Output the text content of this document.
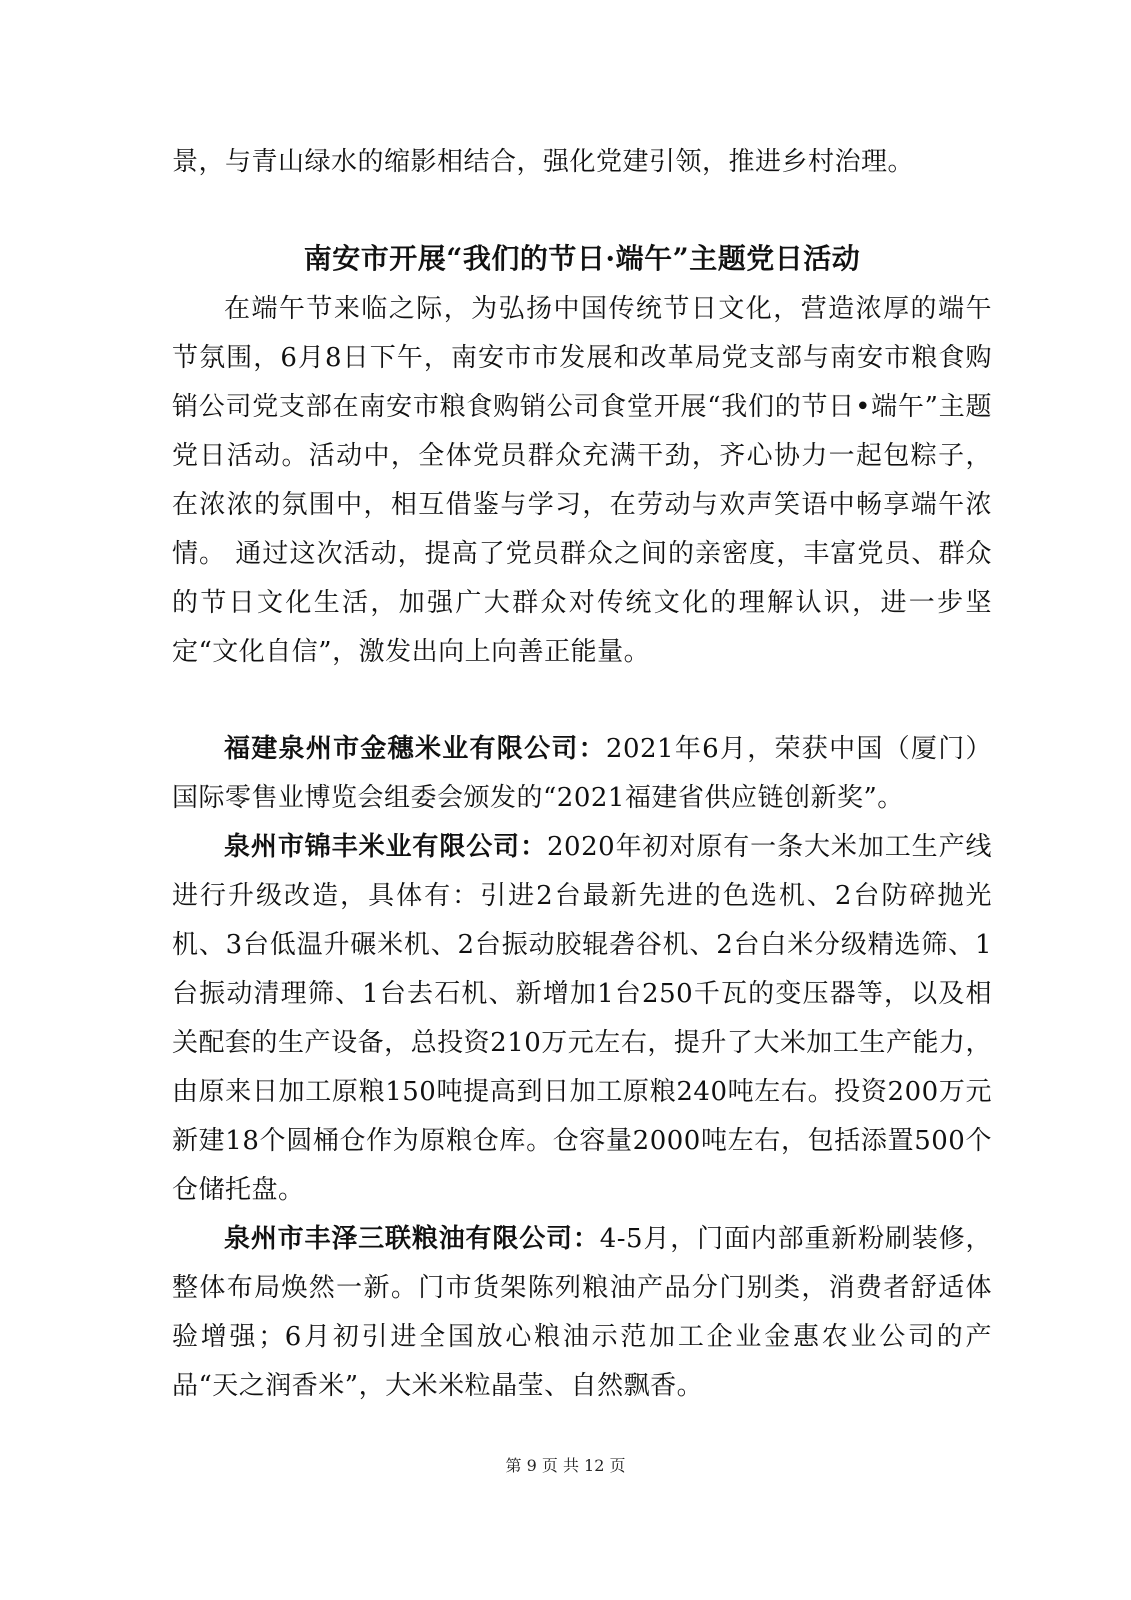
景，与青山绿水的缩影相结合，强化党建引领，推进乡村治理。

南安市开展“我们的节日·端午”主题党日活动

在端午节来临之际，为弘扬中国传统节日文化，营造浓厚的端午节氛围，6月8日下午，南安市市发展和改革局党支部与南安市粮食购销公司党支部在南安市粮食购销公司食堂开展“我们的节日•端午”主题党日活动。活动中，全体党员群众充满干劲，齐心协力一起包粽子，在浓浓的氛围中，相互借鉴与学习，在劳动与欢声笑语中畅享端午浓情。 通过这次活动，提高了党员群众之间的亲密度，丰富党员、群众的节日文化生活，加强广大群众对传统文化的理解认识，进一步坚定“文化自信”，激发出向上向善正能量。

福建泉州市金穗米业有限公司：2021年6月，荣获中国（厦门）国际零售业博览会组委会颁发的“2021福建省供应链创新奖”。

泉州市锦丰米业有限公司：2020年初对原有一条大米加工生产线进行升级改造，具体有：引进2台最新先进的色选机、2台防碎抛光机、3台低温升碾米机、2台振动胶辊砻谷机、2台白米分级精选筛、1台振动清理筛、1台去石机、新增加1台250千瓦的变压器等，以及相关配套的生产设备，总投资210万元左右，提升了大米加工生产能力，由原来日加工原粮150吨提高到日加工原粮240吨左右。投资200万元新建18个圆桶仓作为原粮仓库。仓容量2000吨左右，包括添置500个仓储托盘。

泉州市丰泽三联粮油有限公司：4-5月，门面内部重新粉刷装修，整体布局焕然一新。门市货架陈列粮油产品分门别类，消费者舒适体验增强；6月初引进全国放心粮油示范加工企业金惠农业公司的产品“天之润香米”，大米米粒晶莹、自然飘香。

第 9 页 共 12 页
